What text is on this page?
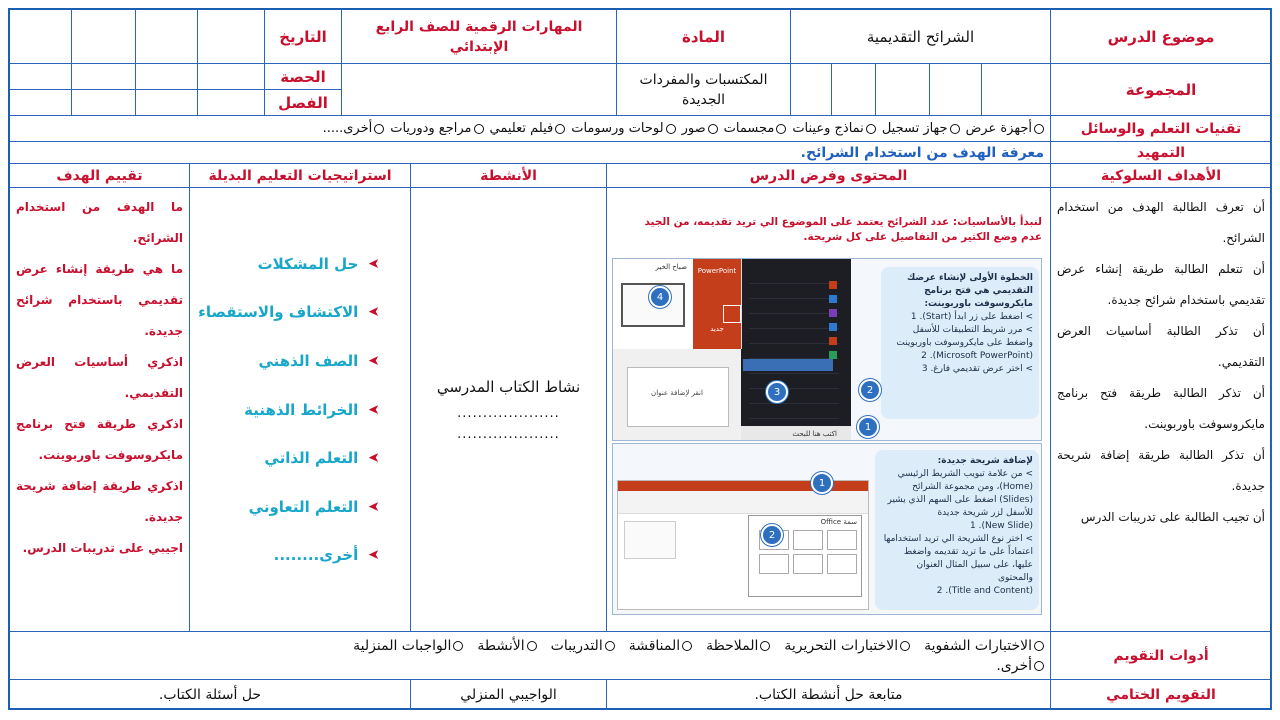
موضوع الدرس
الشرائح التقديمية
المادة
المهارات الرقمية للصف الرابع الإبتدائي
التاريخ
المجموعة
المكتسبات والمفردات الجديدة
الحصة
الفصل
تقنيات التعلم والوسائل
أجهزة عرض
جهاز تسجيل
نماذج وعينات
مجسمات
صور
لوحات ورسومات
فيلم تعليمي
مراجع ودوريات
أخرى.....
التمهيد
معرفة الهدف من استخدام الشرائح.
الأهداف السلوكية
المحتوى وفرض الدرس
الأنشطة
استراتيجيات التعليم البديلة
تقييم الهدف

أن تعرف الطالبة الهدف من استخدام الشرائح.

أن تتعلم الطالبة طريقة إنشاء عرض تقديمي باستخدام شرائح جديدة.

أن تذكر الطالبة أساسيات العرض التقديمي.

أن تذكر الطالبة طريقة فتح برنامج مايكروسوفت باوربوينت.

أن تذكر الطالبة طريقة إضافة شريحة جديدة.

أن تجيب الطالبة على تدريبات الدرس

لنبدأ بالأساسيات: عدد الشرائح يعتمد على الموضوع الي تريد تقديمه، من الجيد عدم وضع الكثير من التفاصيل على كل شريحة.
اكتب هنا للبحث
PowerPoint
جديد
صباح الخير
انقر لإضافة عنوان
الخطوة الأولى لإنشاء عرضك التقديمي هي فتح برنامج مايكروسوفت باوربوينت:
> اضغط على زر ابدأ (Start). 1
> مرر شريط التطبيقات للأسفل واضغط على مايكروسوفت باوربوينت
(Microsoft PowerPoint). 2
> اختر عرض تقديمي فارغ. 3
4
3	2
1
سمة Office
لإضافة شريحة جديدة:
> من علامة تبويب الشريط الرئيسي (Home)، ومن مجموعة الشرائح (Slides) اضغط على السهم الذي يشير للأسفل لزر شريحة جديدة
(New Slide). 1
> اختر نوع الشريحة الي تريد استخدامها اعتماداً على ما تريد تقديمه واضغط عليها، على سبيل المثال العنوان والمحتوى
(Title and Content). 2
1
2
نشاط الكتاب المدرسي
....................
....................
➤
حل المشكلات
➤
الاكتشاف والاستقصاء
➤
الصف الذهني
➤
الخرائط الذهنية
➤
التعلم الذاتي
➤
التعلم التعاوني
➤
أخرى........

ما الهدف من استخدام الشرائح.

ما هي طريقة إنشاء عرض تقديمي باستخدام شرائح جديدة.

اذكري أساسيات العرض التقديمي.

اذكري طريقة فتح برنامج مايكروسوفت باوربوينت.

اذكري طريقة إضافة شريحة جديدة.

اجيبي على تدريبات الدرس.

أدوات التقويم
الاختبارات الشفوية
الاختبارات التحريرية
الملاحظة
المناقشة
التدريبات
الأنشطة
الواجبات المنزلية
أخرى.
التقويم الختامي
متابعة حل أنشطة الكتاب.
الواجيبي المنزلي
حل أسئلة الكتاب.
